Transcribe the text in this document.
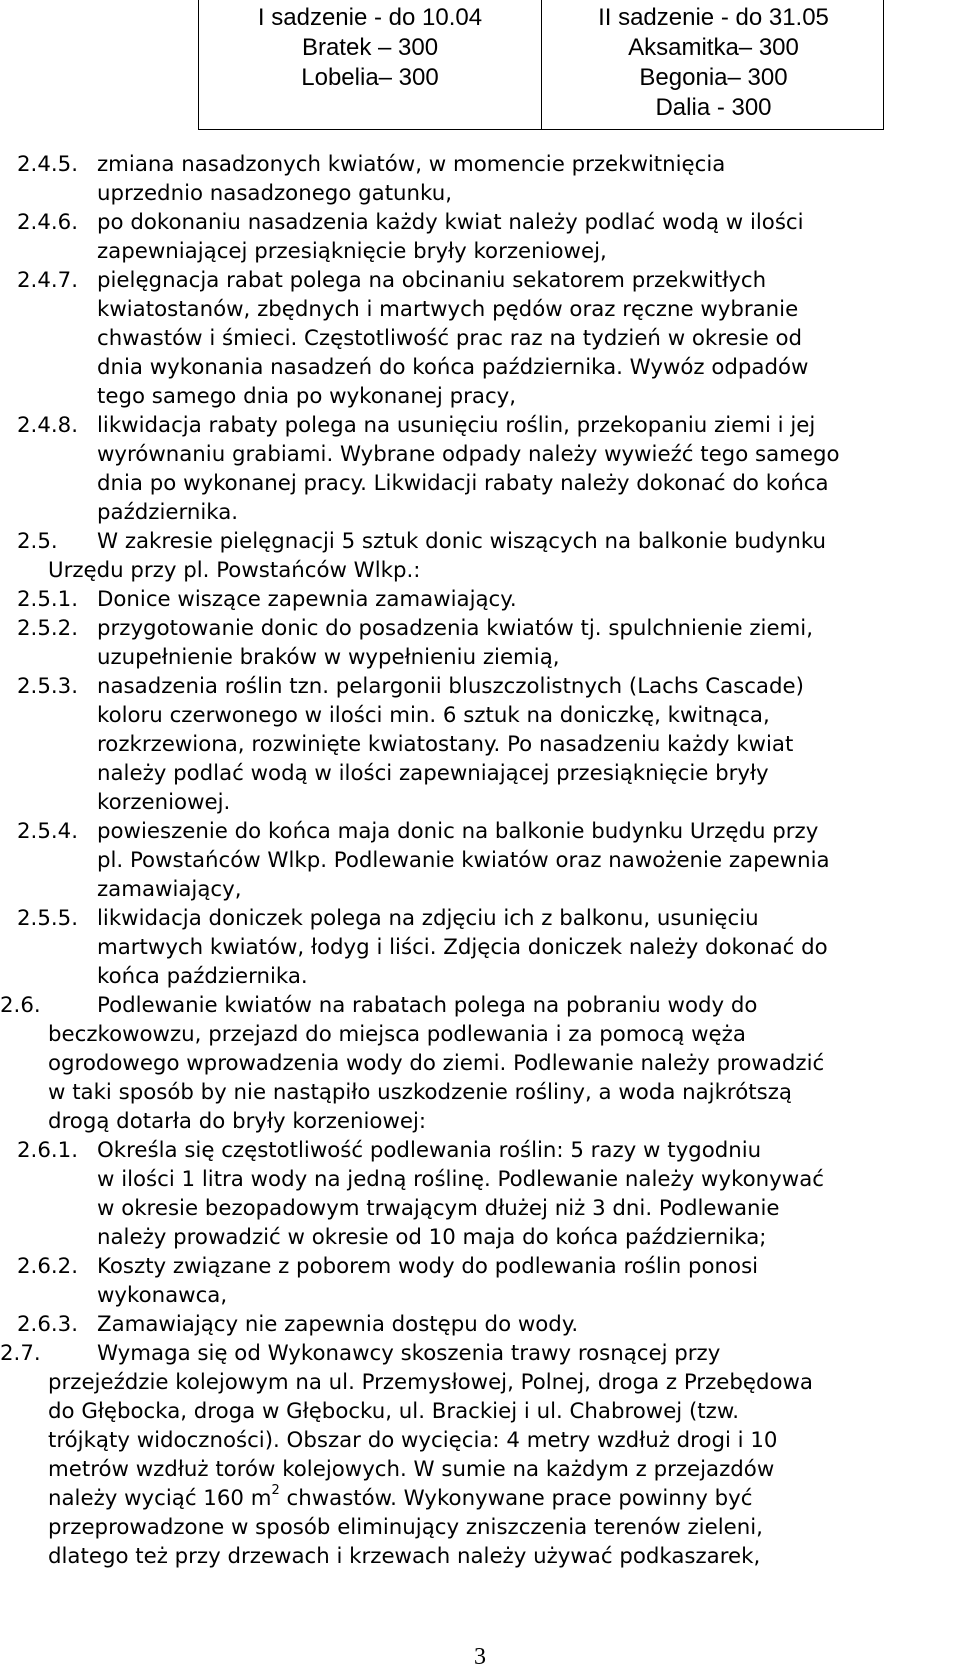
I sadzenie - do 10.04
Bratek – 300
Lobelia– 300
II sadzenie - do 31.05
Aksamitka– 300
Begonia– 300
Dalia - 300
2.4.5. zmiana nasadzonych kwiatów, w momencie przekwitnięcia
uprzednio nasadzonego gatunku,
2.4.6. po dokonaniu nasadzenia każdy kwiat należy podlać wodą w ilości
zapewniającej przesiąknięcie bryły korzeniowej,
2.4.7. pielęgnacja rabat polega na obcinaniu sekatorem przekwitłych
kwiatostanów, zbędnych i martwych pędów oraz ręczne wybranie
chwastów i śmieci. Częstotliwość prac raz na tydzień w okresie od
dnia wykonania nasadzeń do końca października. Wywóz odpadów
tego samego dnia po wykonanej pracy,
2.4.8. likwidacja rabaty polega na usunięciu roślin, przekopaniu ziemi i jej
wyrównaniu grabiami. Wybrane odpady należy wywieźć tego samego
dnia po wykonanej pracy. Likwidacji rabaty należy dokonać do końca
października.
2.5. W zakresie pielęgnacji 5 sztuk donic wiszących na balkonie budynku
Urzędu przy pl. Powstańców Wlkp.:
2.5.1. Donice wiszące zapewnia zamawiający.
2.5.2. przygotowanie donic do posadzenia kwiatów tj. spulchnienie ziemi,
uzupełnienie braków w wypełnieniu ziemią,
2.5.3. nasadzenia roślin tzn. pelargonii bluszczolistnych (Lachs Cascade)
koloru czerwonego w ilości min. 6 sztuk na doniczkę, kwitnąca,
rozkrzewiona, rozwinięte kwiatostany. Po nasadzeniu każdy kwiat
należy podlać wodą w ilości zapewniającej przesiąknięcie bryły
korzeniowej.
2.5.4. powieszenie do końca maja donic na balkonie budynku Urzędu przy
pl. Powstańców Wlkp. Podlewanie kwiatów oraz nawożenie zapewnia
zamawiający,
2.5.5. likwidacja doniczek polega na zdjęciu ich z balkonu, usunięciu
martwych kwiatów, łodyg i liści. Zdjęcia doniczek należy dokonać do
końca października.
2.6.	Podlewanie kwiatów na rabatach polega na pobraniu wody do
beczkowowzu, przejazd do miejsca podlewania i za pomocą węża
ogrodowego wprowadzenia wody do ziemi. Podlewanie należy prowadzić
w taki sposób by nie nastąpiło uszkodzenie rośliny, a woda najkrótszą
drogą dotarła do bryły korzeniowej:
2.6.1. Określa się częstotliwość podlewania roślin: 5 razy w tygodniu
w ilości 1 litra wody na jedną roślinę. Podlewanie należy wykonywać
w okresie bezopadowym trwającym dłużej niż 3 dni. Podlewanie
należy prowadzić w okresie od 10 maja do końca października;
2.6.2. Koszty związane z poborem wody do podlewania roślin ponosi
wykonawca,
2.6.3. Zamawiający nie zapewnia dostępu do wody.
2.7.	Wymaga się od Wykonawcy skoszenia trawy rosnącej przy
przejeździe kolejowym na ul. Przemysłowej, Polnej, droga z Przebędowa
do Głębocka, droga w Głębocku, ul. Brackiej i ul. Chabrowej (tzw.
trójkąty widoczności). Obszar do wycięcia: 4 metry wzdłuż drogi i 10
metrów wzdłuż torów kolejowych. W sumie na każdym z przejazdów
należy wyciąć 160 $m^2$ chwastów. Wykonywane prace powinny być
przeprowadzone w sposób eliminujący zniszczenia terenów zieleni,
dlatego też przy drzewach i krzewach należy używać podkaszarek,
3
